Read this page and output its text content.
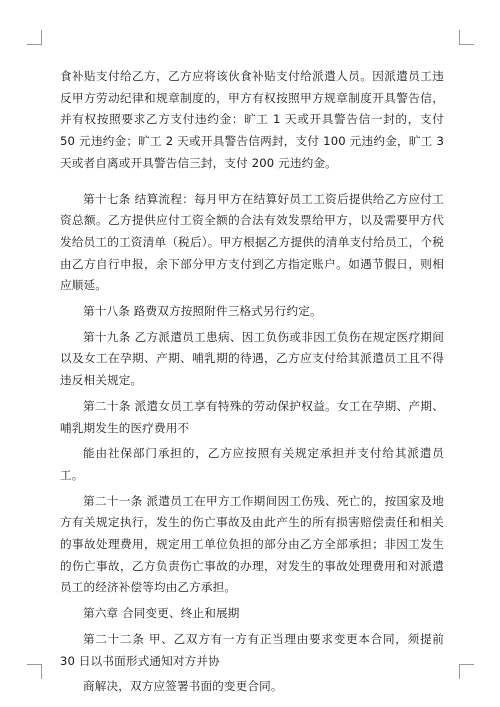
食补贴支付给乙方，乙方应将该伙食补贴支付给派遣人员。因派遣员工违反甲方劳动纪律和规章制度的，甲方有权按照甲方规章制度开具警告信，并有权按照要求乙方支付违约金：旷工 1 天或开具警告信一封的，支付 50 元违约金；旷工 2 天或开具警告信两封，支付 100 元违约金，旷工 3 天或者自离或开具警告信三封，支付 200 元违约金。

第十七条 结算流程：每月甲方在结算好员工工资后提供给乙方应付工资总额。乙方提供应付工资全额的合法有效发票给甲方，以及需要甲方代发给员工的工资清单（税后）。甲方根据乙方提供的清单支付给员工，个税由乙方自行申报，余下部分甲方支付到乙方指定账户。如遇节假日，则相应顺延。

第十八条 路费双方按照附件三格式另行约定。

第十九条 乙方派遣员工患病、因工负伤或非因工负伤在规定医疗期间以及女工在孕期、产期、哺乳期的待遇，乙方应支付给其派遣员工且不得违反相关规定。

第二十条 派遣女员工享有特殊的劳动保护权益。女工在孕期、产期、哺乳期发生的医疗费用不

能由社保部门承担的，乙方应按照有关规定承担并支付给其派遣员工。

第二十一条 派遣员工在甲方工作期间因工伤残、死亡的，按国家及地方有关规定执行，发生的伤亡事故及由此产生的所有损害赔偿责任和相关的事故处理费用，规定用工单位负担的部分由乙方全部承担；非因工发生的伤亡事故，乙方负责伤亡事故的办理，对发生的事故处理费用和对派遣员工的经济补偿等均由乙方承担。

第六章 合同变更、终止和展期

第二十二条 甲、乙双方有一方有正当理由要求变更本合同，须提前 30 日以书面形式通知对方并协

商解决，双方应签署书面的变更合同。
